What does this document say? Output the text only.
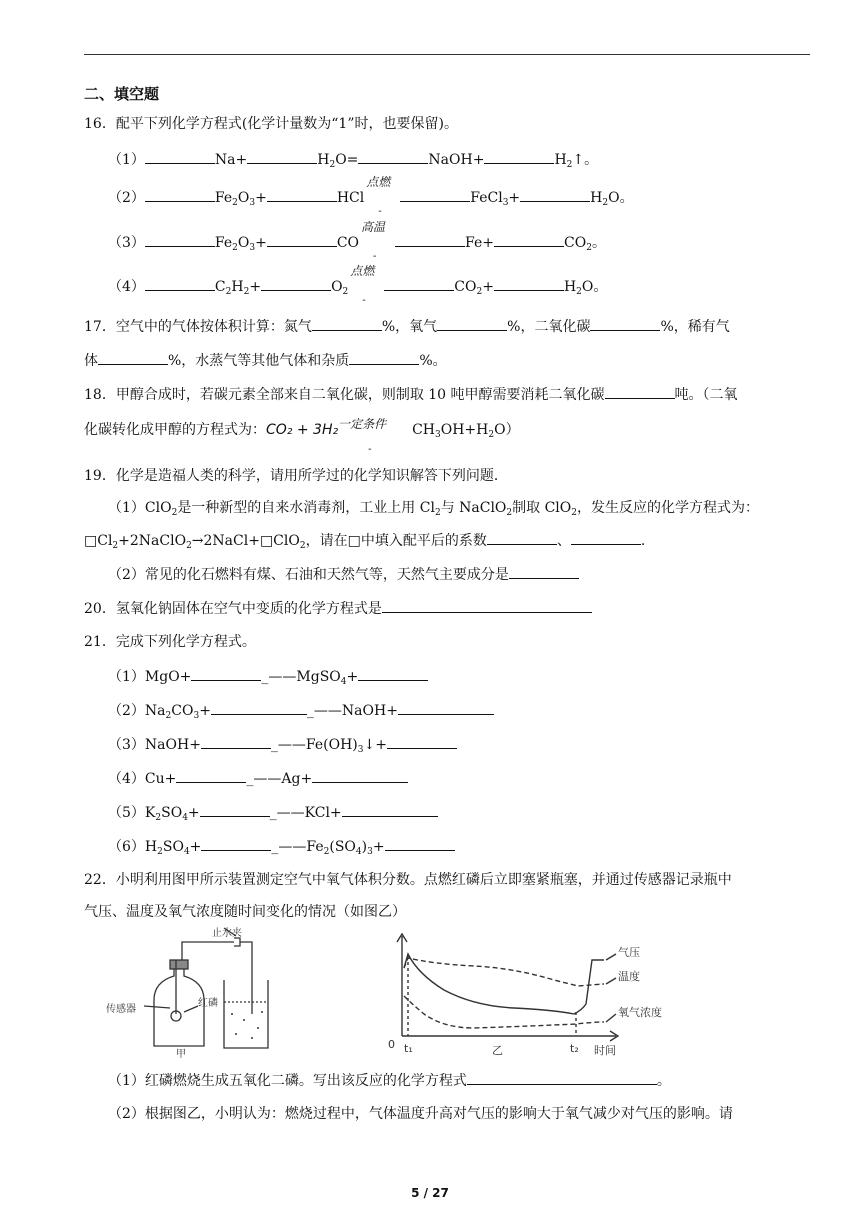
二、填空题
16．配平下列化学方程式(化学计量数为“1”时，也要保留)。
（1）	Na+	$H_2O=$	NaOH+	$H_2↑$。
（2）	$Fe_2O_3+$	HCl
点燃
-
FeCl$_3$+	$H_2O$。
（3）	$Fe_2O_3+$	CO
高温
-
Fe+	$CO_2$。
（4）	$C_2H_2+$	$O_2$
点燃
-
$CO_2+$	$H_2O$。
17．空气中的气体按体积计算：氮气	%，氧气	%，二氧化碳	%，稀有气
体	%，水蒸气等其他气体和杂质	%。
18．甲醇合成时，若碳元素全部来自二氧化碳，则制取 10 吨甲醇需要消耗二氧化碳	吨。（二氧
化碳转化成甲醇的方程式为：CO₂ + 3H₂ 一定条件
-
$CH_3OH+H_2O$）
19．化学是造福人类的科学，请用所学过的化学知识解答下列问题．
（1）ClO$_2$是一种新型的自来水消毒剂，工业上用 $Cl_2$与 NaClO$_2$制取 ClO$_2$，发生反应的化学方程式为：
$□Cl_2+2NaClO_2\to 2NaCl+□ClO_2$，请在□中填入配平后的系数	、	.
（2）常见的化石燃料有煤、石油和天然气等，天然气主要成分是
20．氢氧化钠固体在空气中变质的化学方程式是
21．完成下列化学方程式。
（1）MgO+	_——MgSO$_4$+
$(2)Na_2CO_3+$	_——NaOH+
（3）NaOH+	$\_——Fe(OH)_3↓+$
（4）Cu+	_——Ag+
$(5)K_2SO_4+$	_——KCl+
$(6)H_2SO_4+$	$\_——Fe_2(SO_4)_3+$
22．小明利用图甲所示装置测定空气中氧气体积分数。点燃红磷后立即塞紧瓶塞，并通过传感器记录瓶中
气压、温度及氧气浓度随时间变化的情况（如图乙）
止水夹
传感器
红磷
甲
0 t₁	t₂
乙	时间
气压
温度
氧气浓度
（1）红磷燃烧生成五氧化二磷。写出该反应的化学方程式	。
（2）根据图乙，小明认为：燃烧过程中，气体温度升高对气压的影响大于氧气减少对气压的影响。请
5 / 27
